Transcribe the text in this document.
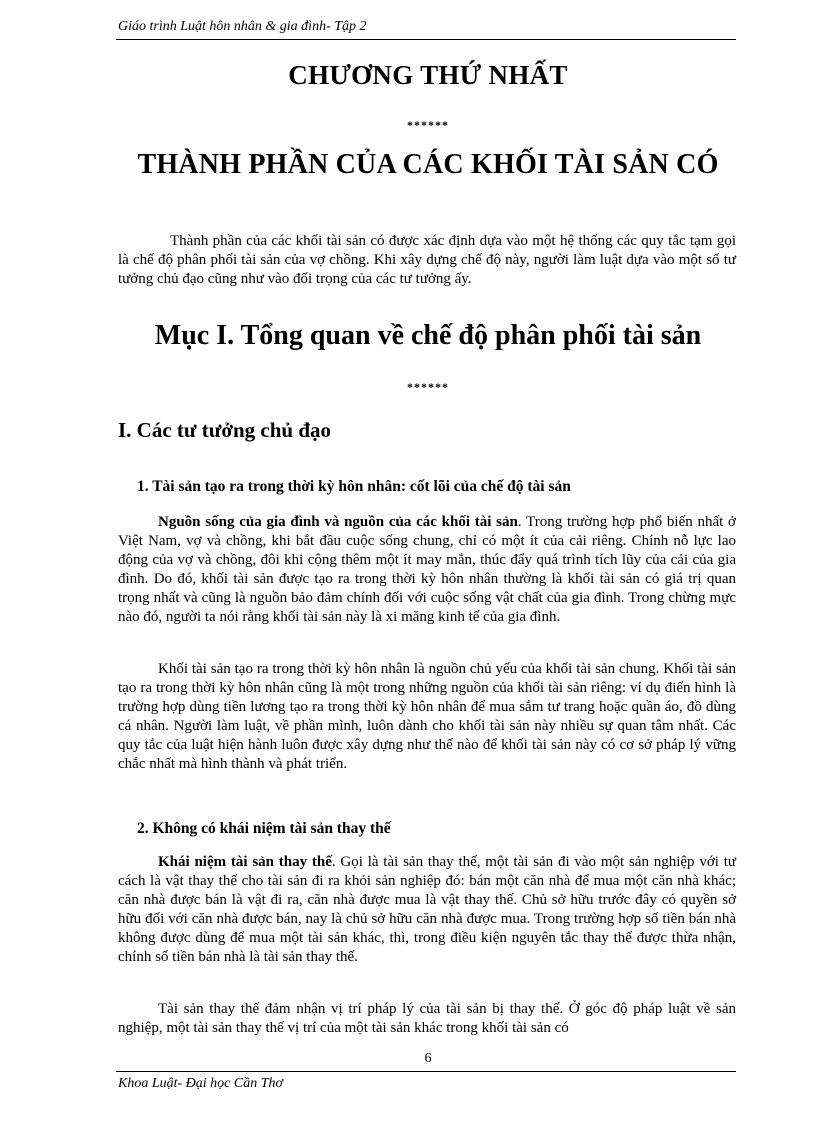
Giáo trình Luật hôn nhân & gia đình- Tập 2
CHƯƠNG THỨ NHẤT
******
THÀNH PHẦN CỦA CÁC KHỐI TÀI SẢN CÓ

Thành phần của các khối tài sản có được xác định dựa vào một hệ thống các quy tắc tạm gọi là chế độ phân phối tài sản của vợ chồng. Khi xây dựng chế độ này, người làm luật dựa vào một số tư tưởng chủ đạo cũng như vào đối trọng của các tư tưởng ấy.

Mục I. Tổng quan về chế độ phân phối tài sản
******
I. Các tư tưởng chủ đạo
1. Tài sản tạo ra trong thời kỳ hôn nhân: cốt lõi của chế độ tài sản

Nguồn sống của gia đình và nguồn của các khối tài sản. Trong trường hợp phổ biến nhất ở Việt Nam, vợ và chồng, khi bắt đầu cuộc sống chung, chỉ có một ít của cải riêng. Chính nỗ lực lao động của vợ và chồng, đôi khi cộng thêm một ít may mắn, thúc đẩy quá trình tích lũy của cải của gia đình. Do đó, khối tài sản được tạo ra trong thời kỳ hôn nhân thường là khối tài sản có giá trị quan trọng nhất và cũng là nguồn bảo đảm chính đối với cuộc sống vật chất của gia đình. Trong chừng mực nào đó, người ta nói rằng khối tài sản này là xi măng kinh tế của gia đình.

Khối tài sản tạo ra trong thời kỳ hôn nhân là nguồn chủ yếu của khối tài sản chung. Khối tài sản tạo ra trong thời kỳ hôn nhân cũng là một trong những nguồn của khối tài sản riêng: ví dụ điển hình là trường hợp dùng tiền lương tạo ra trong thời kỳ hôn nhân để mua sắm tư trang hoặc quần áo, đồ dùng cá nhân. Người làm luật, về phần mình, luôn dành cho khối tài sản này nhiều sự quan tâm nhất. Các quy tắc của luật hiện hành luôn được xây dựng như thế nào để khối tài sản này có cơ sở pháp lý vững chắc nhất mà hình thành và phát triển.

2. Không có khái niệm tài sản thay thế

Khái niệm tài sản thay thế. Gọi là tài sản thay thế, một tài sản đi vào một sản nghiệp với tư cách là vật thay thế cho tài sản đi ra khỏi sản nghiệp đó: bán một căn nhà để mua một căn nhà khác; căn nhà được bán là vật đi ra, căn nhà được mua là vật thay thế. Chủ sở hữu trước đây có quyền sở hữu đối với căn nhà được bán, nay là chủ sở hữu căn nhà được mua. Trong trường hợp số tiền bán nhà không được dùng để mua một tài sản khác, thì, trong điều kiện nguyên tắc thay thế được thừa nhận, chính số tiền bán nhà là tài sản thay thế.

Tài sản thay thế đảm nhận vị trí pháp lý của tài sản bị thay thế. Ở góc độ pháp luật về sản nghiệp, một tài sản thay thế vị trí của một tài sản khác trong khối tài sản có

6
Khoa Luật- Đại học Cần Thơ
